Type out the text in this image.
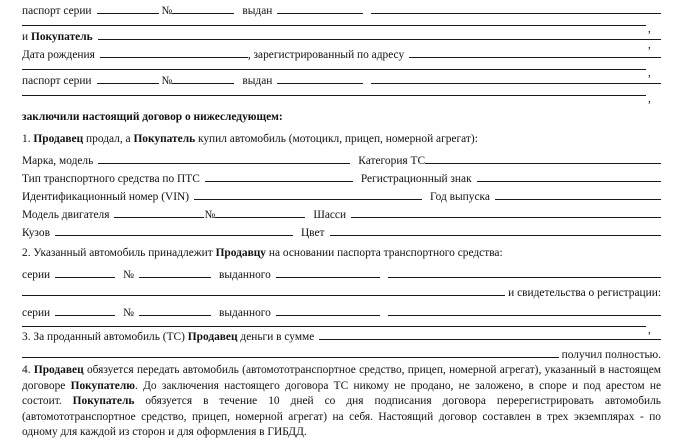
паспорт серии	№	выдан
,
и Покупатель
,
Дата рождения	, зарегистрированный по адресу
,
паспорт серии	№	выдан
,
заключили настоящий договор о нижеследующем:
1. Продавец продал, а Покупатель купил автомобиль (мотоцикл, прицеп, номерной агрегат):
Марка, модель	Категория ТС
Тип транспортного средства по ПТС	Регистрационный знак
Идентификационный номер (VIN)	Год выпуска
Модель двигателя	№	Шасси
Кузов	Цвет
2. Указанный автомобиль принадлежит Продавцу на основании паспорта транспортного средства:
серии	№	выданного
и свидетельства о регистрации:
серии	№	выданного
,
3. За проданный автомобиль (ТС) Продавец деньги в сумме
получил полностью.
4. Продавец обязуется передать автомобиль (автомототранспортное средство, прицеп, номерной агрегат), указанный в настоящем договоре Покупателю. До заключения настоящего договора ТС никому не продано, не заложено, в споре и под арестом не состоит. Покупатель обязуется в течение 10 дней со дня подписания договора перерегистрировать автомобиль (автомототранспортное средство, прицеп, номерной агрегат) на себя. Настоящий договор составлен в трех экземплярах - по одному для каждой из сторон и для оформления в ГИБДД.
